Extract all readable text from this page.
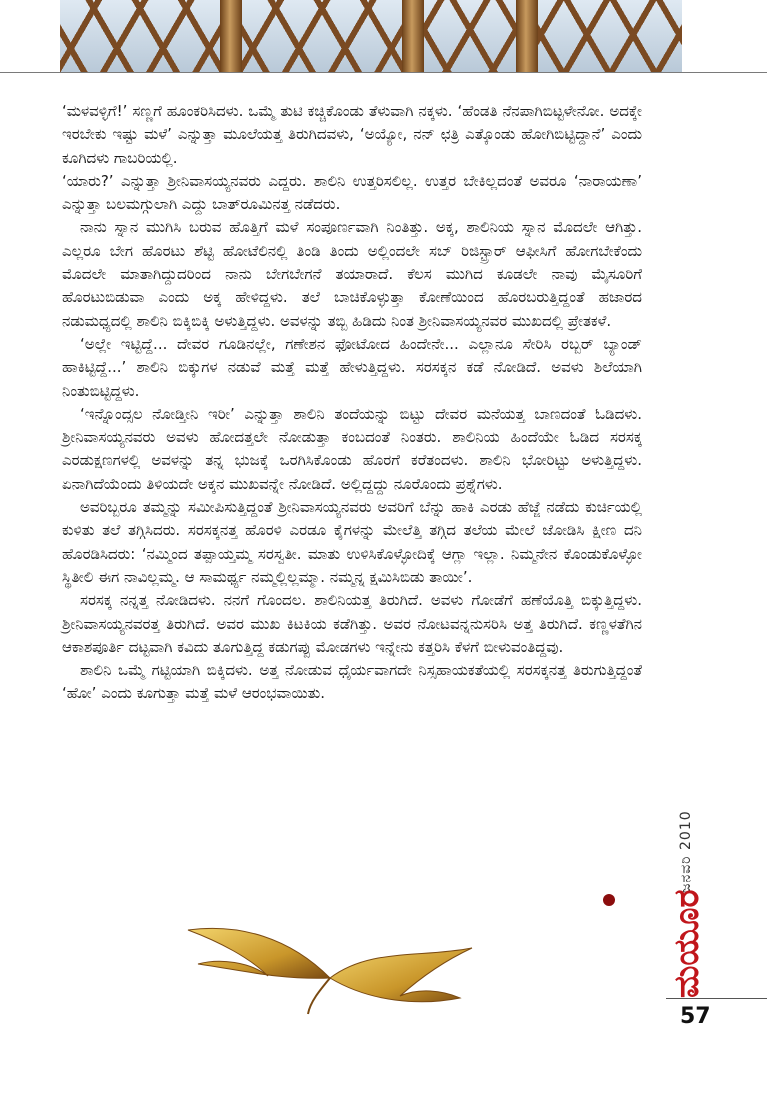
‘ಮಳವಳ್ಳಿಗೆ!’ ಸಣ್ಣಗೆ ಹೂಂಕರಿಸಿದಳು. ಒಮ್ಮೆ ತುಟಿ ಕಚ್ಚಿಕೊಂಡು ತೆಳುವಾಗಿ ನಕ್ಕಳು. ‘ಹೆಂಡತಿ ನೆನಪಾಗಿಬಿಟ್ಟಳೇನೋ. ಅದಕ್ಕೇ ಇರಬೇಕು ಇಷ್ಟು ಮಳೆ’ ಎನ್ನುತ್ತಾ ಮೂಲೆಯತ್ತ ತಿರುಗಿದವಳು, ‘ಅಯ್ಯೋ, ನನ್ ಛತ್ರಿ ಎತ್ಕೊಂಡು ಹೋಗಿಬಿಟ್ಟಿದ್ದಾನೆ’ ಎಂದು ಕೂಗಿದಳು ಗಾಬರಿಯಲ್ಲಿ.

‘ಯಾರು?’ ಎನ್ನುತ್ತಾ ಶ್ರೀನಿವಾಸಯ್ಯನವರು ಎದ್ದರು. ಶಾಲಿನಿ ಉತ್ತರಿಸಲಿಲ್ಲ. ಉತ್ತರ ಬೇಕಿಲ್ಲದಂತೆ ಅವರೂ ‘ನಾರಾಯಣಾ’ ಎನ್ನುತ್ತಾ ಬಲಮಗ್ಗುಲಾಗಿ ಎದ್ದು ಬಾತ್‌ರೂಮಿನತ್ತ ನಡೆದರು.

ನಾನು ಸ್ನಾನ ಮುಗಿಸಿ ಬರುವ ಹೊತ್ತಿಗೆ ಮಳೆ ಸಂಪೂರ್ಣವಾಗಿ ನಿಂತಿತ್ತು. ಅಕ್ಕ, ಶಾಲಿನಿಯ ಸ್ನಾನ ಮೊದಲೇ ಆಗಿತ್ತು. ಎಲ್ಲರೂ ಬೇಗ ಹೊರಟು ಶೆಟ್ಟಿ ಹೋಟೆಲಿನಲ್ಲಿ ತಿಂಡಿ ತಿಂದು ಅಲ್ಲಿಂದಲೇ ಸಬ್ ರಿಜಿಸ್ಟ್ರಾರ್ ಆಫೀಸಿಗೆ ಹೋಗಬೇಕೆಂದು ಮೊದಲೇ ಮಾತಾಗಿದ್ದುದರಿಂದ ನಾನು ಬೇಗಬೇಗನೆ ತಯಾರಾದೆ. ಕೆಲಸ ಮುಗಿದ ಕೂಡಲೇ ನಾವು ಮೈಸೂರಿಗೆ ಹೊರಟುಬಿಡುವಾ ಎಂದು ಅಕ್ಕ ಹೇಳಿದ್ದಳು. ತಲೆ ಬಾಚಿಕೊಳ್ಳುತ್ತಾ ಕೋಣೆಯಿಂದ ಹೊರಬರುತ್ತಿದ್ದಂತೆ ಹಜಾರದ ನಡುಮಧ್ಯದಲ್ಲಿ ಶಾಲಿನಿ ಬಿಕ್ಕಿಬಿಕ್ಕಿ ಅಳುತ್ತಿದ್ದಳು. ಅವಳನ್ನು ತಬ್ಬಿ ಹಿಡಿದು ನಿಂತ ಶ್ರೀನಿವಾಸಯ್ಯನವರ ಮುಖದಲ್ಲಿ ಪ್ರೇತಕಳೆ.

‘ಅಲ್ಲೇ ಇಟ್ಟಿದ್ದೆ... ದೇವರ ಗೂಡಿನಲ್ಲೇ, ಗಣೇಶನ ಫೋಟೋದ ಹಿಂದೇನೇ... ಎಲ್ಲಾನೂ ಸೇರಿಸಿ ರಬ್ಬರ್ ಬ್ಯಾಂಡ್ ಹಾಕಿಟ್ಟಿದ್ದೆ...’ ಶಾಲಿನಿ ಬಿಕ್ಕುಗಳ ನಡುವೆ ಮತ್ತೆ ಮತ್ತೆ ಹೇಳುತ್ತಿದ್ದಳು. ಸರಸಕ್ಕನ ಕಡೆ ನೋಡಿದೆ. ಅವಳು ಶಿಲೆಯಾಗಿ ನಿಂತುಬಿಟ್ಟಿದ್ದಳು.

‘ಇನ್ನೊಂದ್ಸಲ ನೋಡ್ತೀನಿ ಇರೀ’ ಎನ್ನುತ್ತಾ ಶಾಲಿನಿ ತಂದೆಯನ್ನು ಬಿಟ್ಟು ದೇವರ ಮನೆಯತ್ತ ಬಾಣದಂತೆ ಓಡಿದಳು. ಶ್ರೀನಿವಾಸಯ್ಯನವರು ಅವಳು ಹೋದತ್ತಲೇ ನೋಡುತ್ತಾ ಕಂಬದಂತೆ ನಿಂತರು. ಶಾಲಿನಿಯ ಹಿಂದೆಯೇ ಓಡಿದ ಸರಸಕ್ಕ ಎರಡುಕ್ಷಣಗಳಲ್ಲಿ ಅವಳನ್ನು ತನ್ನ ಭುಜಕ್ಕೆ ಒರಗಿಸಿಕೊಂಡು ಹೊರಗೆ ಕರೆತಂದಳು. ಶಾಲಿನಿ ಭೋರಿಟ್ಟು ಅಳುತ್ತಿದ್ದಳು. ಏನಾಗಿದೆಯೆಂದು ತಿಳಿಯದೇ ಅಕ್ಕನ ಮುಖವನ್ನೇ ನೋಡಿದೆ. ಅಲ್ಲಿದ್ದದ್ದು ನೂರೊಂದು ಪ್ರಶ್ನೆಗಳು.

ಅವರಿಬ್ಬರೂ ತಮ್ಮನ್ನು ಸಮೀಪಿಸುತ್ತಿದ್ದಂತೆ ಶ್ರೀನಿವಾಸಯ್ಯನವರು ಅವರಿಗೆ ಬೆನ್ನು ಹಾಕಿ ಎರಡು ಹೆಜ್ಜೆ ನಡೆದು ಕುರ್ಚಿಯಲ್ಲಿ ಕುಳಿತು ತಲೆ ತಗ್ಗಿಸಿದರು. ಸರಸಕ್ಕನತ್ತ ಹೊರಳಿ ಎರಡೂ ಕೈಗಳನ್ನು ಮೇಲೆತ್ತಿ ತಗ್ಗಿದ ತಲೆಯ ಮೇಲೆ ಜೋಡಿಸಿ ಕ್ಷೀಣ ದನಿ ಹೊರಡಿಸಿದರು: ‘ನಮ್ಮಿಂದ ತಪ್ಪಾಯ್ತಮ್ಮ ಸರಸ್ವತೀ. ಮಾತು ಉಳಿಸಿಕೊಳ್ಳೋದಿಕ್ಕೆ ಆಗ್ಲಾ ಇಲ್ಲಾ. ನಿಮ್ಮನೇನ ಕೊಂಡುಕೊಳ್ಳೋ ಸ್ಥಿತೀಲಿ ಈಗ ನಾವಿಲ್ಲಮ್ಮ. ಆ ಸಾಮರ್ಥ್ಯ ನಮ್ಮಲ್ಲಿಲ್ಲಮ್ಮಾ. ನಮ್ಮನ್ನ ಕ್ಷಮಿಸಿಬಿಡು ತಾಯೀ’.

ಸರಸಕ್ಕ ನನ್ನತ್ತ ನೋಡಿದಳು. ನನಗೆ ಗೊಂದಲ. ಶಾಲಿನಿಯತ್ತ ತಿರುಗಿದೆ. ಅವಳು ಗೋಡೆಗೆ ಹಣೆಯೊತ್ತಿ ಬಿಕ್ಕುತ್ತಿದ್ದಳು. ಶ್ರೀನಿವಾಸಯ್ಯನವರತ್ತ ತಿರುಗಿದೆ. ಅವರ ಮುಖ ಕಿಟಕಿಯ ಕಡೆಗಿತ್ತು. ಅವರ ನೋಟವನ್ನನುಸರಿಸಿ ಅತ್ತ ತಿರುಗಿದೆ. ಕಣ್ಣಳತೆಗಿನ ಆಕಾಶಪೂರ್ತಿ ದಟ್ಟವಾಗಿ ಕವಿದು ತೂಗುತ್ತಿದ್ದ ಕಡುಗಪ್ಪು ಮೋಡಗಳು ಇನ್ನೇನು ಕತ್ತರಿಸಿ ಕೆಳಗೆ ಬೀಳುವಂತಿದ್ದವು.

ಶಾಲಿನಿ ಒಮ್ಮೆ ಗಟ್ಟಿಯಾಗಿ ಬಿಕ್ಕಿದಳು. ಅತ್ತ ನೋಡುವ ಧೈರ್ಯವಾಗದೇ ನಿಸ್ಸಹಾಯಕತೆಯಲ್ಲಿ ಸರಸಕ್ಕನತ್ತ ತಿರುಗುತ್ತಿದ್ದಂತೆ ‘ಹೋ’ ಎಂದು ಕೂಗುತ್ತಾ ಮತ್ತೆ ಮಳೆ ಆರಂಭವಾಯಿತು.

ಜನವರಿ 2010
ಮಯೂರ
57
